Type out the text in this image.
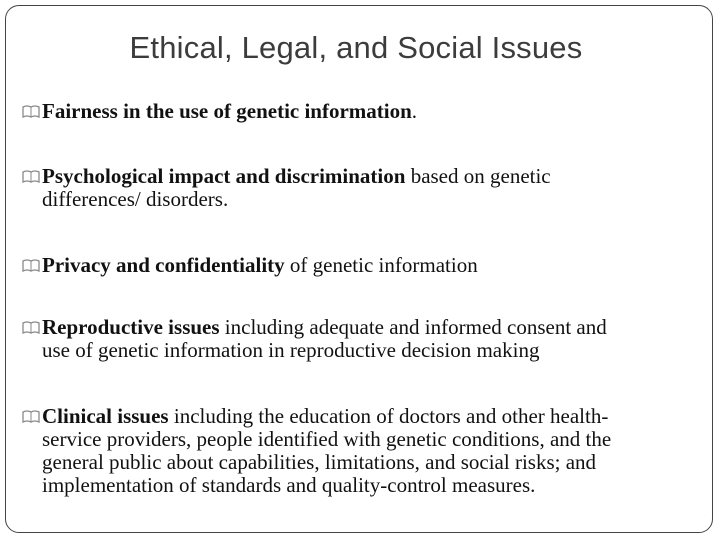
Ethical, Legal, and Social Issues
Fairness in the use of genetic information.
Psychological impact and discrimination based on genetic
differences/ disorders.
Privacy and confidentiality of genetic information
Reproductive issues including adequate and informed consent and
use of genetic information in reproductive decision making
Clinical issues including the education of doctors and other health-
service providers, people identified with genetic conditions, and the
general public about capabilities, limitations, and social risks; and
implementation of standards and quality-control measures.
